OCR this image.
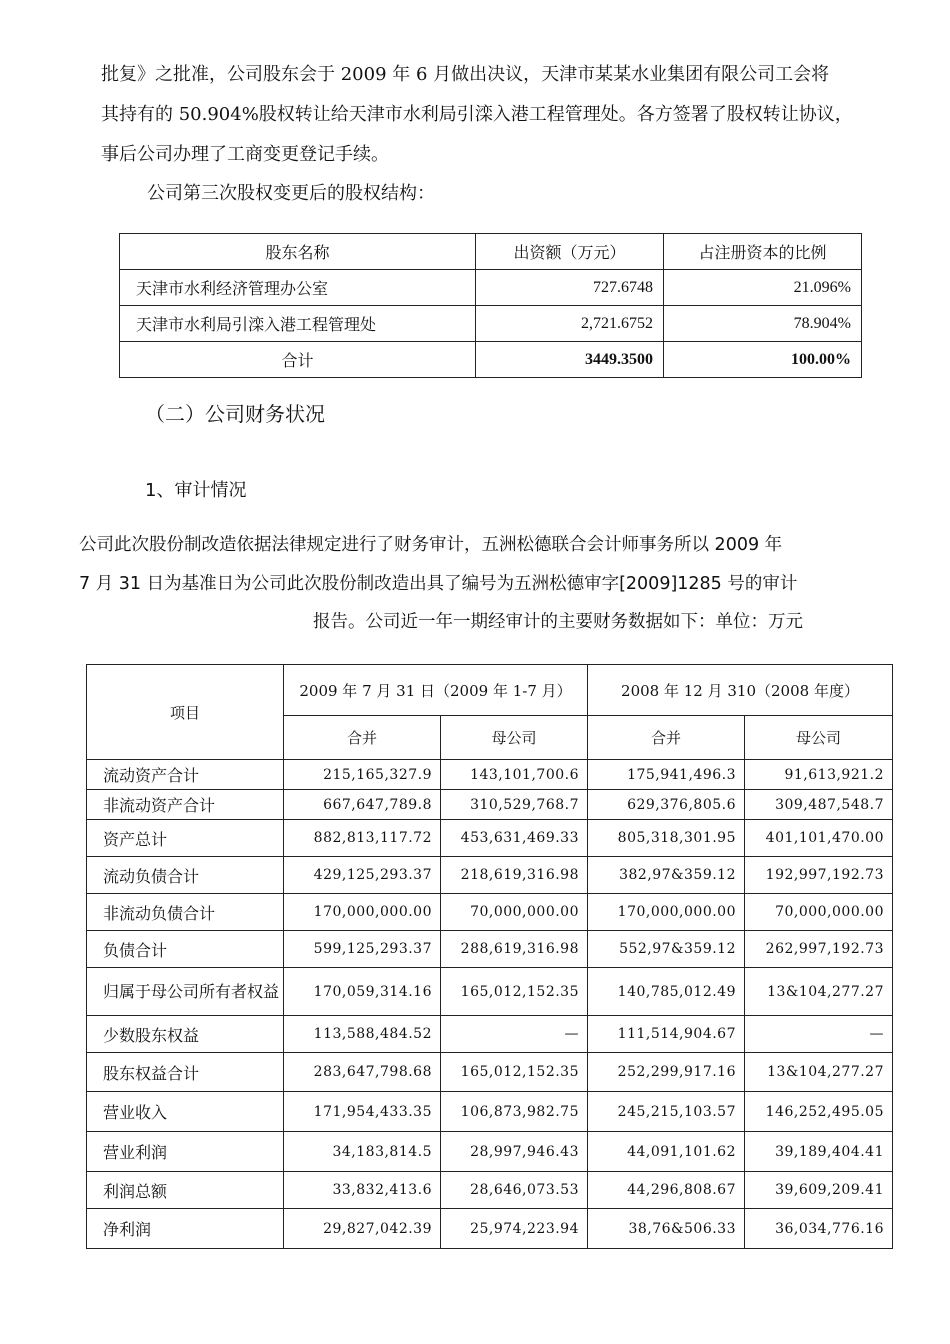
批复》之批准，公司股东会于 2009 年 6 月做出决议，天津市某某水业集团有限公司工会将
其持有的 50.904%股权转让给天津市水利局引滦入港工程管理处。各方签署了股权转让协议，
事后公司办理了工商变更登记手续。
公司第三次股权变更后的股权结构：
股东名称	出资额（万元）	占注册资本的比例
天津市水利经济管理办公室	727.6748	21.096%
天津市水利局引滦入港工程管理处	2,721.6752	78.904%
合计	3449.3500	100.00%
（二）公司财务状况
1、审计情况
公司此次股份制改造依据法律规定进行了财务审计，五洲松德联合会计师事务所以 2009 年
7 月 31 日为基准日为公司此次股份制改造出具了编号为五洲松德审字[2009]1285 号的审计
报告。公司近一年一期经审计的主要财务数据如下：单位：万元
项目	2009 年 7 月 31 日（2009 年 1-7 月）		2008 年 12 月 310（2008 年度）	
	合并	母公司	合并	母公司
流动资产合计	215,165,327.9	143,101,700.6	175,941,496.3	91,613,921.2
非流动资产合计	667,647,789.8	310,529,768.7	629,376,805.6	309,487,548.7
资产总计	882,813,117.72	453,631,469.33	805,318,301.95	401,101,470.00
流动负债合计	429,125,293.37	218,619,316.98	382,97&359.12	192,997,192.73
非流动负债合计	170,000,000.00	70,000,000.00	170,000,000.00	70,000,000.00
负债合计	599,125,293.37	288,619,316.98	552,97&359.12	262,997,192.73
归属于母公司所有者权益	170,059,314.16	165,012,152.35	140,785,012.49	13&104,277.27
少数股东权益	113,588,484.52	—	111,514,904.67	—
股东权益合计	283,647,798.68	165,012,152.35	252,299,917.16	13&104,277.27
营业收入	171,954,433.35	106,873,982.75	245,215,103.57	146,252,495.05
营业利润	34,183,814.5	28,997,946.43	44,091,101.62	39,189,404.41
利润总额	33,832,413.6	28,646,073.53	44,296,808.67	39,609,209.41
净利润	29,827,042.39	25,974,223.94	38,76&506.33	36,034,776.16
